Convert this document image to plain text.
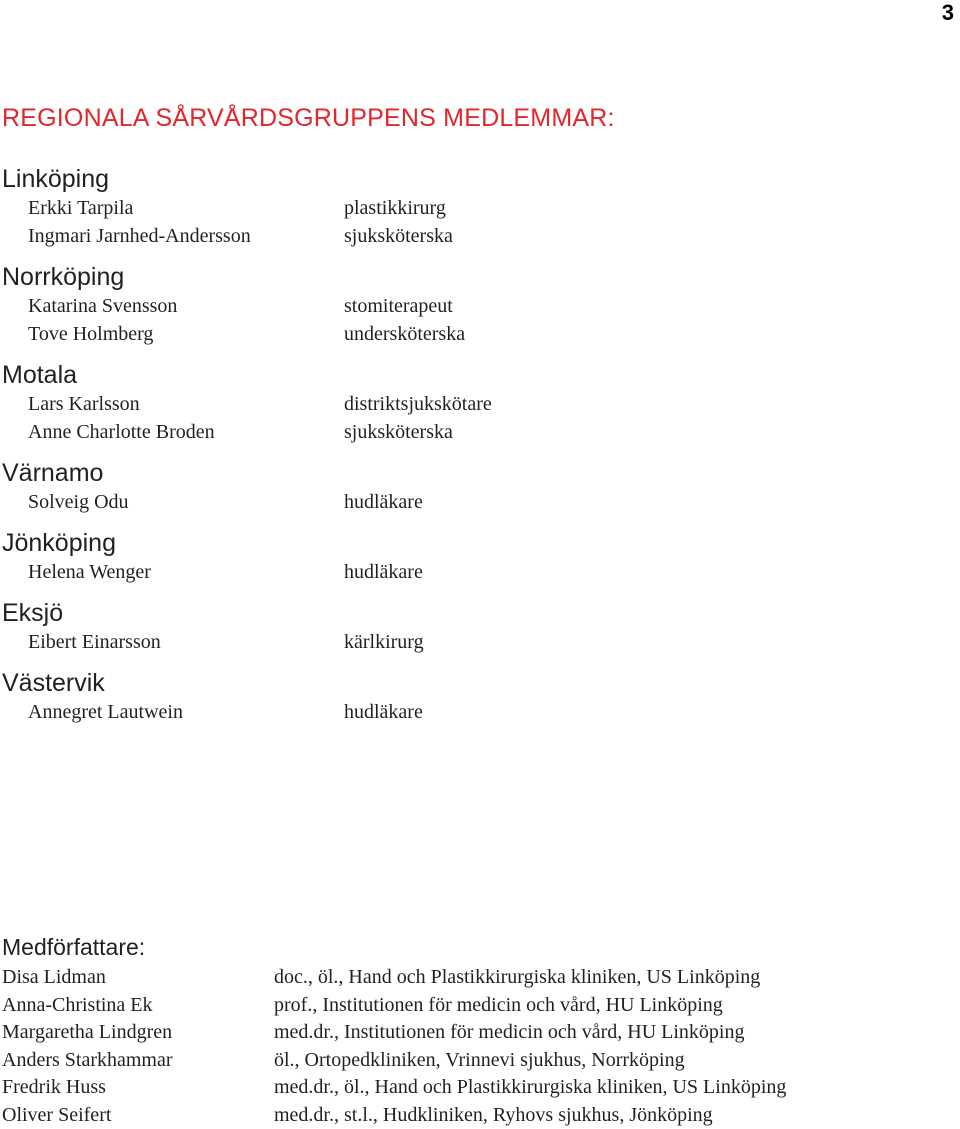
3
REGIONALA SÅRVÅRDSGRUPPENS MEDLEMMAR:
Linköping
Erkki Tarpila	plastikkirurg
Ingmari Jarnhed-Andersson	sjuksköterska
Norrköping
Katarina Svensson	stomiterapeut
Tove Holmberg	undersköterska
Motala
Lars Karlsson	distriktsjukskötare
Anne Charlotte Broden	sjuksköterska
Värnamo
Solveig Odu	hudläkare
Jönköping
Helena Wenger	hudläkare
Eksjö
Eibert Einarsson	kärlkirurg
Västervik
Annegret Lautwein	hudläkare
Medförfattare:
Disa Lidman	doc., öl., Hand och Plastikkirurgiska kliniken, US Linköping
Anna-Christina Ek	prof., Institutionen för medicin och vård, HU Linköping
Margaretha Lindgren	med.dr., Institutionen för medicin och vård, HU Linköping
Anders Starkhammar	öl., Ortopedkliniken, Vrinnevi sjukhus, Norrköping
Fredrik Huss	med.dr., öl., Hand och Plastikkirurgiska kliniken, US Linköping
Oliver Seifert	med.dr., st.l., Hudkliniken, Ryhovs sjukhus, Jönköping
